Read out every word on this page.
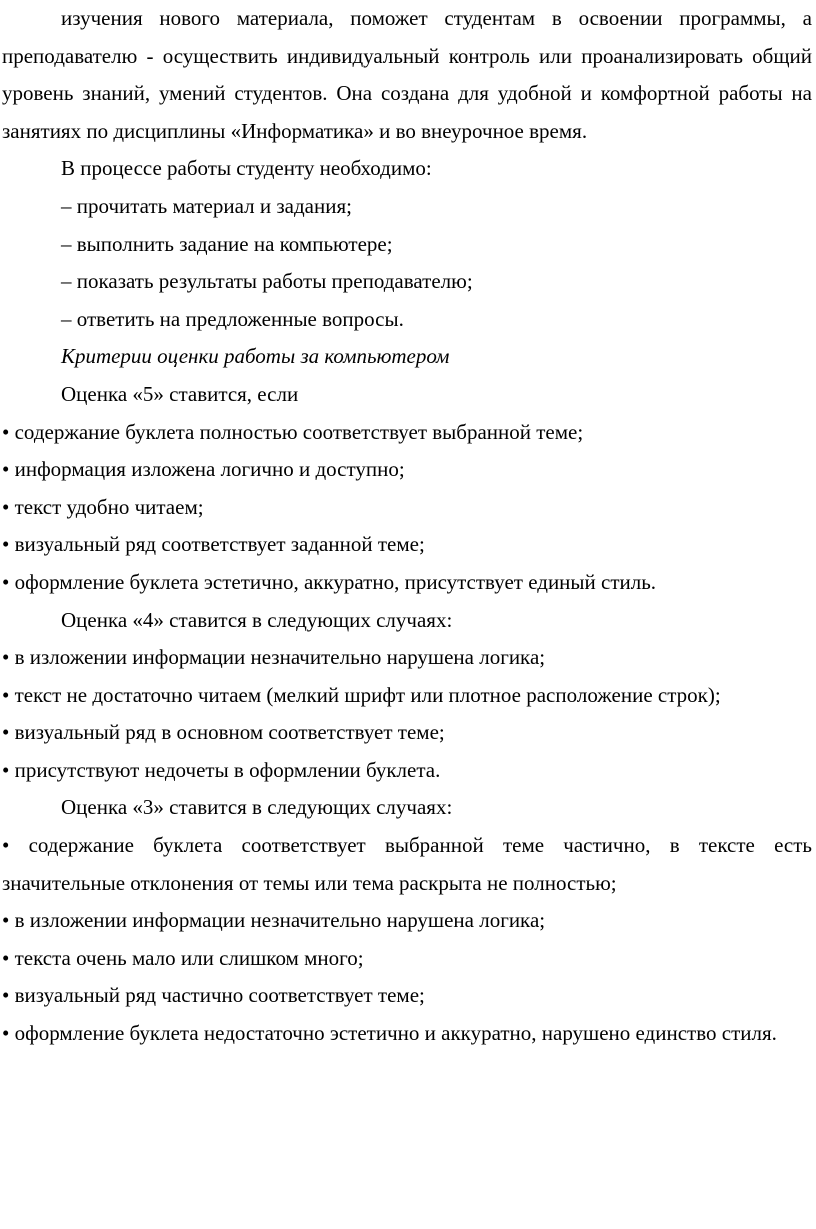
изучения нового материала, поможет студентам в освоении программы, а преподавателю - осуществить индивидуальный контроль или проанализировать общий уровень знаний, умений студентов. Она создана для удобной и комфортной работы на занятиях по дисциплины «Информатика» и во внеурочное время.

В процессе работы студенту необходимо:

– прочитать материал и задания;

– выполнить задание на компьютере;

– показать результаты работы преподавателю;

– ответить на предложенные вопросы.

Критерии оценки работы за компьютером

Оценка «5» ставится, если

• содержание буклета полностью соответствует выбранной теме;

• информация изложена логично и доступно;

• текст удобно читаем;

• визуальный ряд соответствует заданной теме;

• оформление буклета эстетично, аккуратно, присутствует единый стиль.

Оценка «4» ставится в следующих случаях:

• в изложении информации незначительно нарушена логика;

• текст не достаточно читаем (мелкий шрифт или плотное расположение строк);

• визуальный ряд в основном соответствует теме;

• присутствуют недочеты в оформлении буклета.

Оценка «3» ставится в следующих случаях:

• содержание буклета соответствует выбранной теме частично, в тексте есть значительные отклонения от темы или тема раскрыта не полностью;

• в изложении информации незначительно нарушена логика;

• текста очень мало или слишком много;

• визуальный ряд частично соответствует теме;

• оформление буклета недостаточно эстетично и аккуратно, нарушено единство стиля.
